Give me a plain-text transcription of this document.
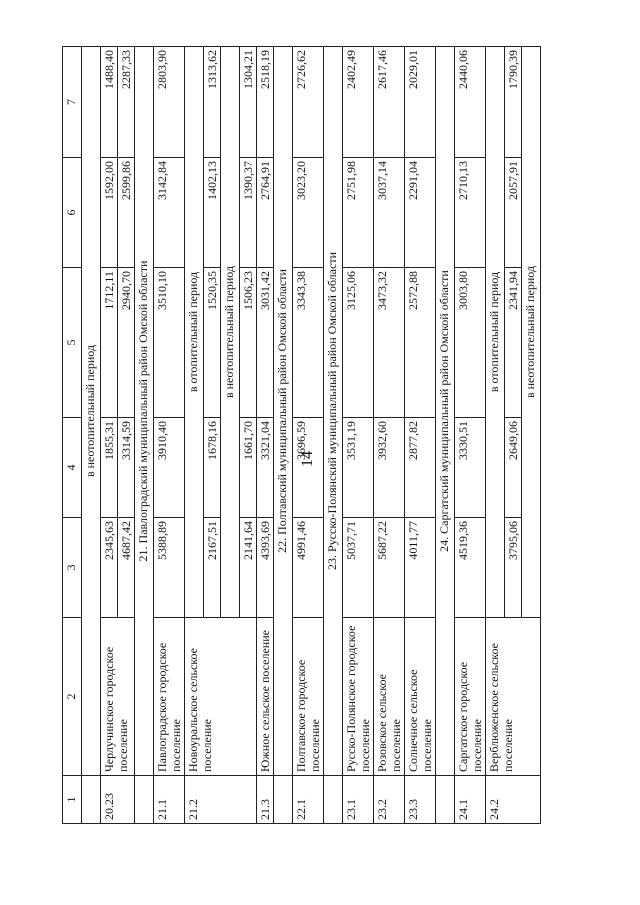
14
1	2	3	4	5	6	7
	в неотопительный период					
20.23	Черлучинское городское поселение	2345,63	1855,31	1712,11	1592,00	1488,40
		4687,42	3314,59	2940,70	2599,86	2287,33
	21. Павлоградский муниципальный район Омской области					
21.1	Павлоградское городское поселение	5388,89	3910,40	3510,10	3142,84	2803,90
21.2	Новоуральское сельское поселение	в отопительный период				
		2167,51	1678,16	1520,35	1402,13	1313,62
		в неотопительный период				
		2141,64	1661,70	1506,23	1390,37	1304,21
21.3	Южное сельское поселение	4393,69	3321,04	3031,42	2764,91	2518,19
	22. Полтавский муниципальный район Омской области					
22.1	Полтавское городское поселение	4991,46	3696,59	3343,38	3023,20	2726,62
	23. Русско-Полянский муниципальный район Омской области					
23.1	Русско-Полянское городское поселение	5037,71	3531,19	3125,06	2751,98	2402,49
23.2	Розовское сельское поселение	5687,22	3932,60	3473,32	3037,14	2617,46
23.3	Солнечное сельское поселение	4011,77	2877,82	2572,88	2291,04	2029,01
	24. Саргатский муниципальный район Омской области					
24.1	Саргатское городское поселение	4519,36	3330,51	3003,80	2710,13	2440,06
24.2	Верблюженское сельское поселение	в отопительный период				
		3795,06	2649,06	2341,94	2057,91	1790,39
		в неотопительный период				
